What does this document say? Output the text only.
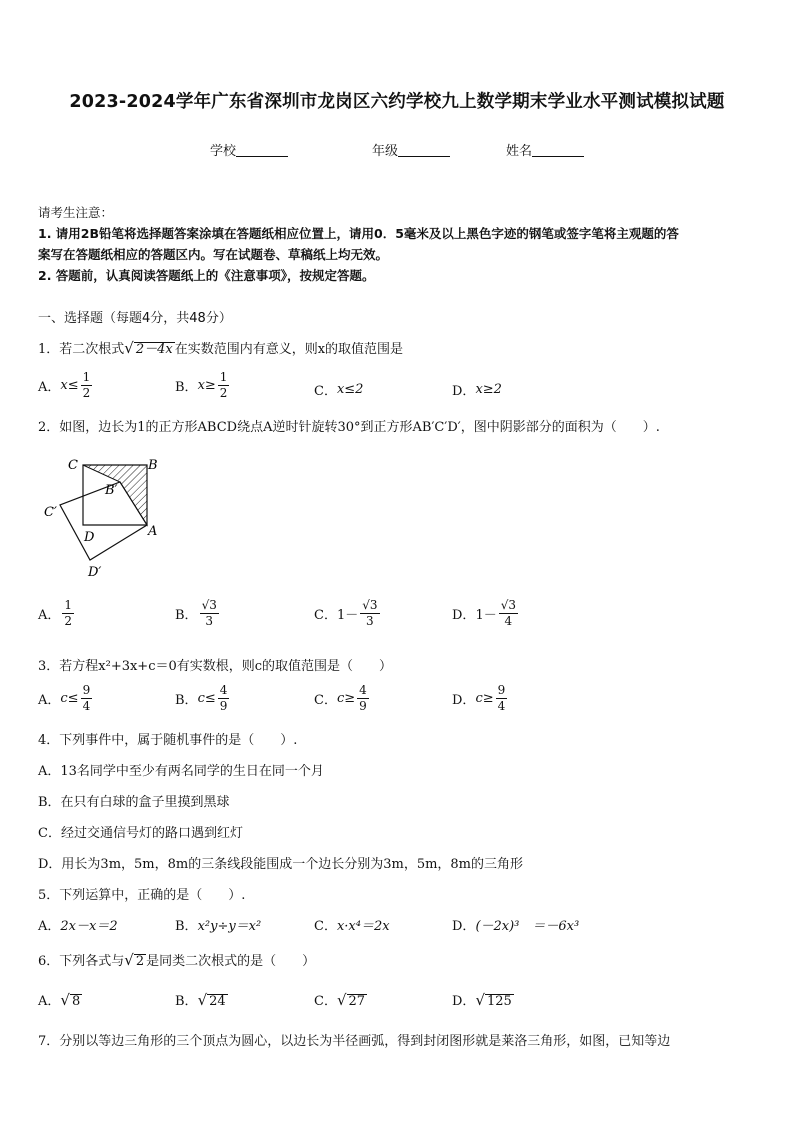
2023-2024学年广东省深圳市龙岗区六约学校九上数学期末学业水平测试模拟试题
学校	年级	姓名
请考生注意：
1. 请用2B铅笔将选择题答案涂填在答题纸相应位置上，请用0．5毫米及以上黑色字迹的钢笔或签字笔将主观题的答
案写在答题纸相应的答题区内。写在试题卷、草稿纸上均无效。
2. 答题前，认真阅读答题纸上的《注意事项》，按规定答题。
一、选择题（每题4分，共48分）
1．若二次根式 √ 2－4x 在实数范围内有意义，则x的取值范围是
A． $x\le \frac{1}{2}$	B． $x\ge \frac{1}{2}$	C． x≤2	D． x≥2
2．如图，边长为1的正方形ABCD绕点A逆时针旋转30°到正方形AB′C′D′，图中阴影部分的面积为（　　）.
C	B
B′
C′
D	A
D′
A． $\frac{1}{2}$	B． $\frac{√3}{3}$	C． $1- \frac{√3}{3}$	D． $1- \frac{√3}{4}$
3．若方程x²+3x+c＝0有实数根，则c的取值范围是（　　）
A． $c\le \frac{9}{4}$	B． $c\le \frac{4}{9}$	C． $c\ge \frac{4}{9}$	D． $c\ge \frac{9}{4}$
4．下列事件中，属于随机事件的是（　　）.
A．13名同学中至少有两名同学的生日在同一个月
B．在只有白球的盒子里摸到黑球
C．经过交通信号灯的路口遇到红灯
D．用长为3m，5m，8m的三条线段能围成一个边长分别为3m，5m，8m的三角形
5．下列运算中，正确的是（　　）.
A． 2x－x＝2	B． x²y÷y＝x²	C． x·x⁴＝2x	D． (－2x)³　＝－6x³
6．下列各式与 √ 2 是同类二次根式的是（　　）
A． √ 8	B． √ 24	C． √ 27	D． √ 125
7．分别以等边三角形的三个顶点为圆心，以边长为半径画弧，得到封闭图形就是莱洛三角形，如图，已知等边
